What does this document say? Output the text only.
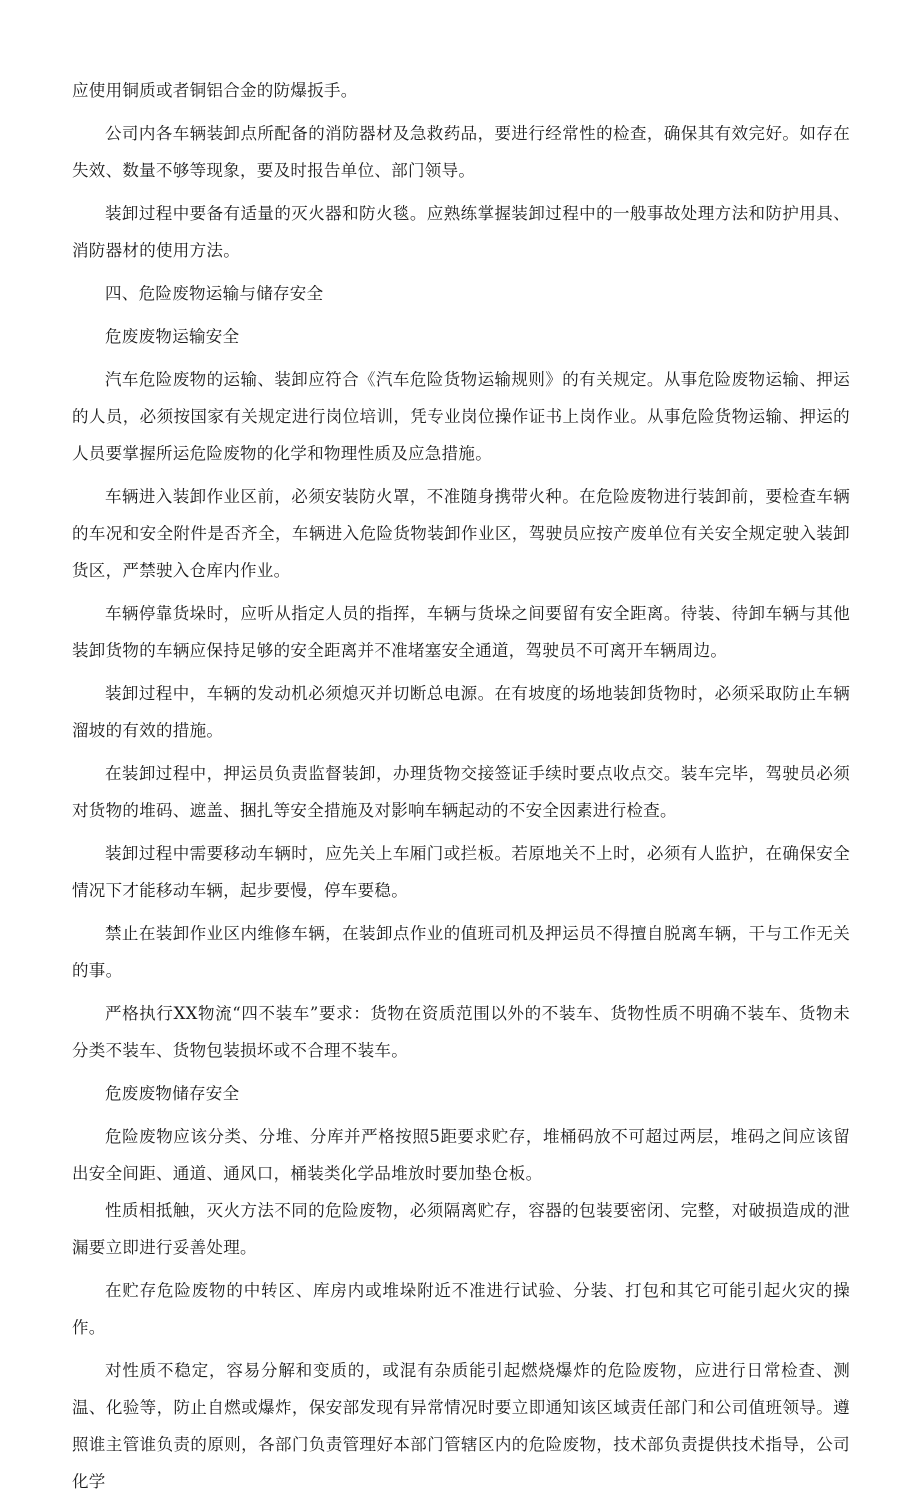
应使用铜质或者铜铝合金的防爆扳手。

公司内各车辆装卸点所配备的消防器材及急救药品，要进行经常性的检查，确保其有效完好。如存在失效、数量不够等现象，要及时报告单位、部门领导。

装卸过程中要备有适量的灭火器和防火毯。应熟练掌握装卸过程中的一般事故处理方法和防护用具、消防器材的使用方法。

四、危险废物运输与储存安全

危废废物运输安全

汽车危险废物的运输、装卸应符合《汽车危险货物运输规则》的有关规定。从事危险废物运输、押运的人员，必须按国家有关规定进行岗位培训，凭专业岗位操作证书上岗作业。从事危险货物运输、押运的人员要掌握所运危险废物的化学和物理性质及应急措施。

车辆进入装卸作业区前，必须安装防火罩，不准随身携带火种。在危险废物进行装卸前，要检查车辆的车况和安全附件是否齐全，车辆进入危险货物装卸作业区，驾驶员应按产废单位有关安全规定驶入装卸货区，严禁驶入仓库内作业。

车辆停靠货垛时，应听从指定人员的指挥，车辆与货垛之间要留有安全距离。待装、待卸车辆与其他装卸货物的车辆应保持足够的安全距离并不准堵塞安全通道，驾驶员不可离开车辆周边。

装卸过程中，车辆的发动机必须熄灭并切断总电源。在有坡度的场地装卸货物时，必须采取防止车辆溜坡的有效的措施。

在装卸过程中，押运员负责监督装卸，办理货物交接签证手续时要点收点交。装车完毕，驾驶员必须对货物的堆码、遮盖、捆扎等安全措施及对影响车辆起动的不安全因素进行检查。

装卸过程中需要移动车辆时，应先关上车厢门或拦板。若原地关不上时，必须有人监护，在确保安全情况下才能移动车辆，起步要慢，停车要稳。

禁止在装卸作业区内维修车辆，在装卸点作业的值班司机及押运员不得擅自脱离车辆，干与工作无关的事。

严格执行XX物流“四不装车”要求：货物在资质范围以外的不装车、货物性质不明确不装车、货物未分类不装车、货物包装损坏或不合理不装车。

危废废物储存安全

危险废物应该分类、分堆、分库并严格按照5距要求贮存，堆桶码放不可超过两层，堆码之间应该留出安全间距、通道、通风口，桶装类化学品堆放时要加垫仓板。

性质相抵触，灭火方法不同的危险废物，必须隔离贮存，容器的包装要密闭、完整，对破损造成的泄漏要立即进行妥善处理。

在贮存危险废物的中转区、库房内或堆垛附近不准进行试验、分装、打包和其它可能引起火灾的操作。

对性质不稳定，容易分解和变质的，或混有杂质能引起燃烧爆炸的危险废物，应进行日常检查、测温、化验等，防止自燃或爆炸，保安部发现有异常情况时要立即通知该区域责任部门和公司值班领导。遵照谁主管谁负责的原则，各部门负责管理好本部门管辖区内的危险废物，技术部负责提供技术指导，公司化学
